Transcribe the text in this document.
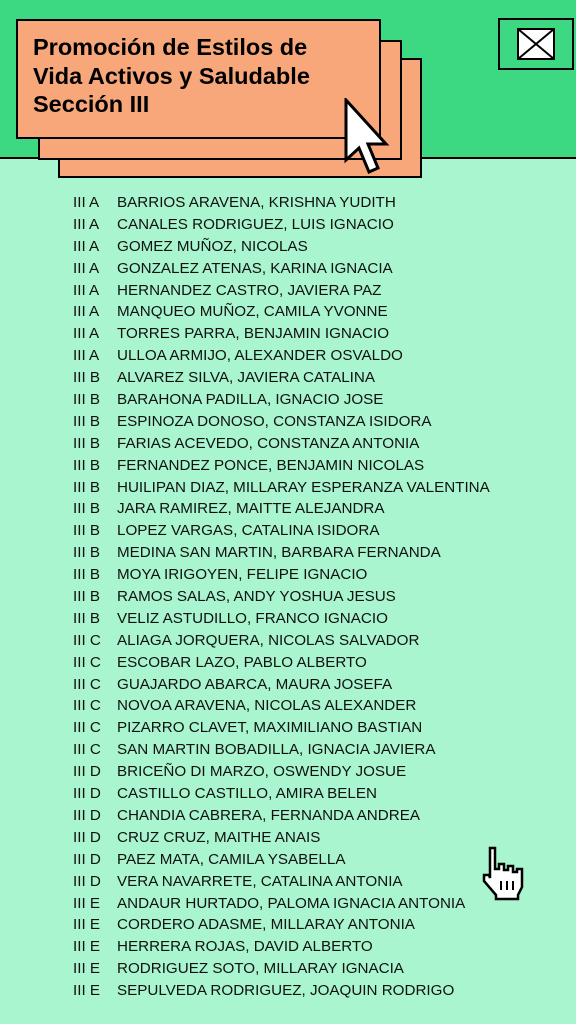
Promoción de Estilos de
Vida Activos y Saludable
Sección III
III A	BARRIOS ARAVENA, KRISHNA YUDITH
III A	CANALES RODRIGUEZ, LUIS IGNACIO
III A	GOMEZ MUÑOZ, NICOLAS
III A	GONZALEZ ATENAS, KARINA IGNACIA
III A	HERNANDEZ CASTRO, JAVIERA PAZ
III A	MANQUEO MUÑOZ, CAMILA YVONNE
III A	TORRES PARRA, BENJAMIN IGNACIO
III A	ULLOA ARMIJO, ALEXANDER OSVALDO
III B	ALVAREZ SILVA, JAVIERA CATALINA
III B	BARAHONA PADILLA, IGNACIO JOSE
III B	ESPINOZA DONOSO, CONSTANZA ISIDORA
III B	FARIAS ACEVEDO, CONSTANZA ANTONIA
III B	FERNANDEZ PONCE, BENJAMIN NICOLAS
III B	HUILIPAN DIAZ, MILLARAY ESPERANZA VALENTINA
III B	JARA RAMIREZ, MAITTE ALEJANDRA
III B	LOPEZ VARGAS, CATALINA ISIDORA
III B	MEDINA SAN MARTIN, BARBARA FERNANDA
III B	MOYA IRIGOYEN, FELIPE IGNACIO
III B	RAMOS SALAS, ANDY YOSHUA JESUS
III B	VELIZ ASTUDILLO, FRANCO IGNACIO
III C	ALIAGA JORQUERA, NICOLAS SALVADOR
III C	ESCOBAR LAZO, PABLO ALBERTO
III C	GUAJARDO ABARCA, MAURA JOSEFA
III C	NOVOA ARAVENA, NICOLAS ALEXANDER
III C	PIZARRO CLAVET, MAXIMILIANO BASTIAN
III C	SAN MARTIN BOBADILLA, IGNACIA JAVIERA
III D	BRICEÑO DI MARZO, OSWENDY JOSUE
III D	CASTILLO CASTILLO, AMIRA BELEN
III D	CHANDIA CABRERA, FERNANDA ANDREA
III D	CRUZ CRUZ, MAITHE ANAIS
III D	PAEZ MATA, CAMILA YSABELLA
III D	VERA NAVARRETE, CATALINA ANTONIA
III E	ANDAUR HURTADO, PALOMA IGNACIA ANTONIA
III E	CORDERO ADASME, MILLARAY ANTONIA
III E	HERRERA ROJAS, DAVID ALBERTO
III E	RODRIGUEZ SOTO, MILLARAY IGNACIA
III E	SEPULVEDA RODRIGUEZ, JOAQUIN RODRIGO
